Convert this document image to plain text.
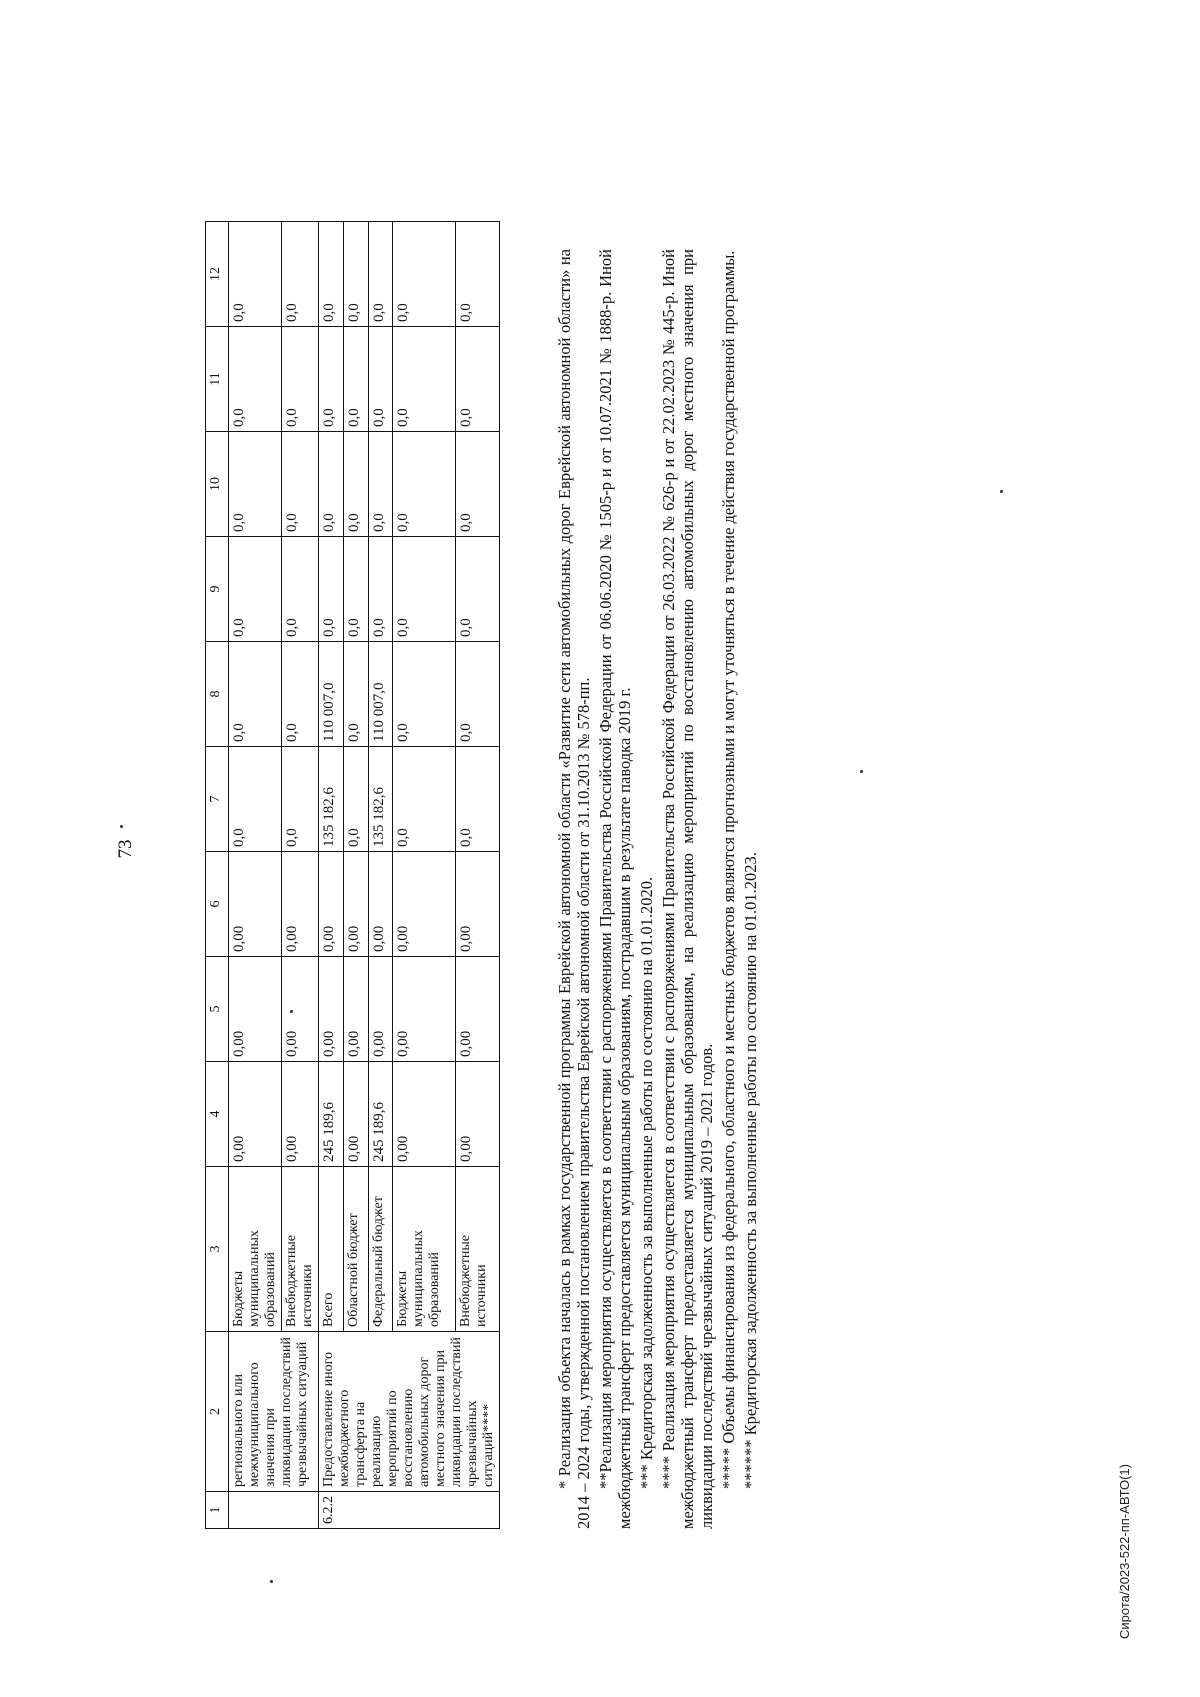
73
1	2	3	4	5	6	7	8	9	10	11	12
	регионального или межмуниципального значения при ликвидации последствий чрезвычайных ситуаций	Бюджеты муниципальных образований	0,00	0,00	0,00	0,0	0,0	0,0	0,0	0,0	0,0
		Внебюджетные источники	0,00	0,00	0,00	0,0	0,0	0,0	0,0	0,0	0,0
6.2.2	Предоставление иного межбюджетного трансферта на реализацию мероприятий по восстановлению автомобильных дорог местного значения при ликвидации последствий чрезвычайных ситуаций****	Всего	245 189,6	0,00	0,00	135 182,6	110 007,0	0,0	0,0	0,0	0,0
		Областной бюджет	0,00	0,00	0,00	0,0	0,0	0,0	0,0	0,0	0,0
		Федеральный бюджет	245 189,6	0,00	0,00	135 182,6	110 007,0	0,0	0,0	0,0	0,0
		Бюджеты муниципальных образований	0,00	0,00	0,00	0,0	0,0	0,0	0,0	0,0	0,0
		Внебюджетные источники	0,00	0,00	0,00	0,0	0,0	0,0	0,0	0,0	0,0	* Реализация объекта началась в рамках государственной программы Еврейской автономной области «Развитие сети автомобильных дорог Еврейской автономной области» на 2014 – 2024 годы, утвержденной постановлением правительства Еврейской автономной области от 31.10.2013 № 578-пп. **Реализация мероприятия осуществляется в соответствии с распоряжениями Правительства Российской Федерации от 06.06.2020 № 1505-р и от 10.07.2021 № 1888-р. Иной межбюджетный трансферт предоставляется муниципальным образованиям, пострадавшим в результате паводка 2019 г. *** Кредиторская задолженность за выполненные работы по состоянию на 01.01.2020. **** Реализация мероприятия осуществляется в соответствии с распоряжениями Правительства Российской Федерации от 26.03.2022 № 626-р и от 22.02.2023 № 445-р. Иной межбюджетный трансферт предоставляется муниципальным образованиям, на реализацию мероприятий по восстановлению автомобильных дорог местного значения при ликвидации последствий чрезвычайных ситуаций 2019 – 2021 годов. ***** Объемы финансирования из федерального, областного и местных бюджетов являются прогнозными и могут уточняться в течение действия государственной программы. ****** Кредиторская задолженность за выполненные работы по состоянию на 01.01.2023.

Сирота/2023-522-пп-АВТО(1)
